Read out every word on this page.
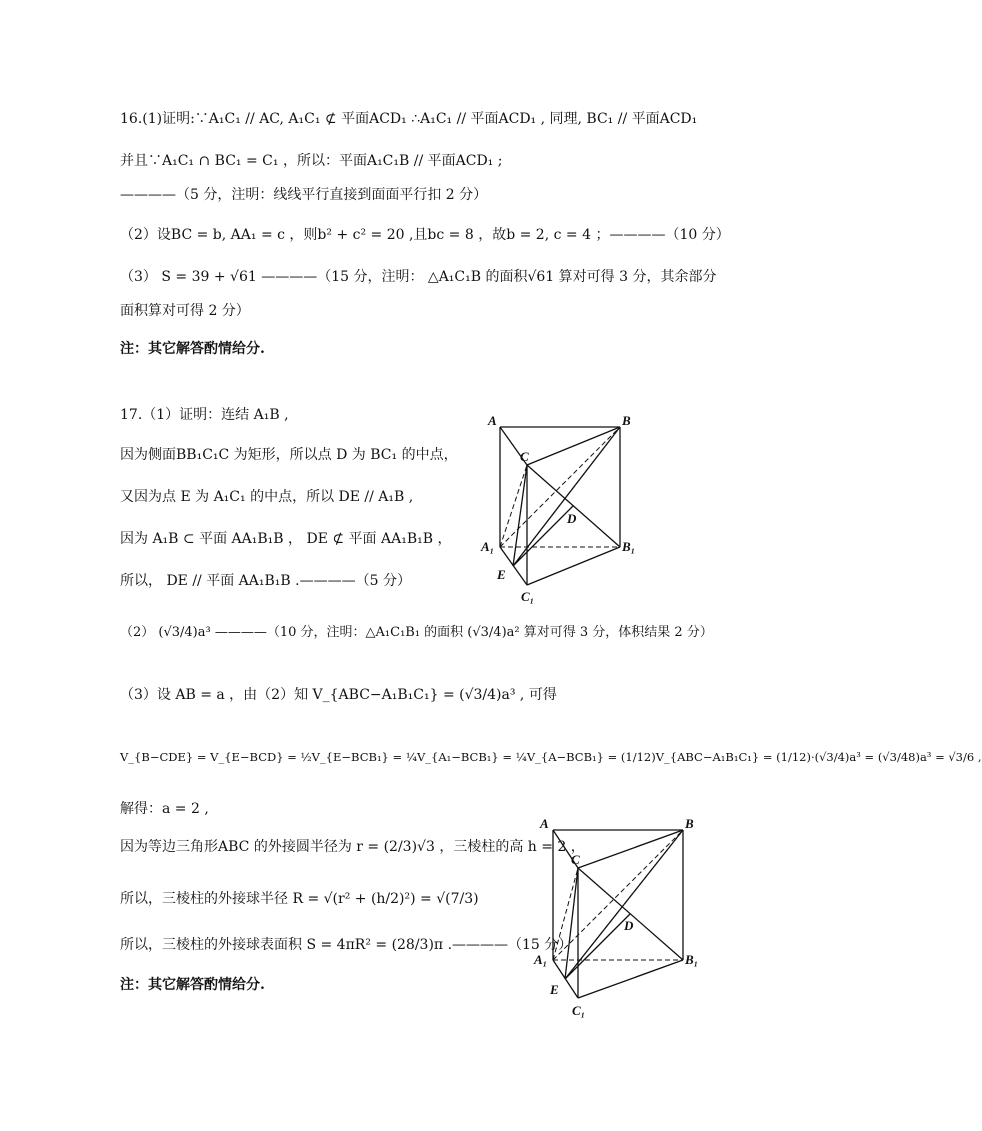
16.(1)证明:∵A₁C₁ // AC, A₁C₁ ⊄ 平面ACD₁ ∴A₁C₁ // 平面ACD₁ , 同理, BC₁ // 平面ACD₁
并且∵A₁C₁ ∩ BC₁ = C₁ ，所以：平面A₁C₁B // 平面ACD₁ ;
————（5 分，注明：线线平行直接到面面平行扣 2 分）
（2）设BC = b, AA₁ = c ，则b² + c² = 20 ,且bc = 8 ，故b = 2, c = 4 ；————（10 分）
（3） S = 39 + √61 ————（15 分，注明： △A₁C₁B 的面积√61 算对可得 3 分，其余部分
面积算对可得 2 分）
注：其它解答酌情给分.
17.（1）证明：连结 A₁B ,
因为侧面BB₁C₁C 为矩形，所以点 D 为 BC₁ 的中点，
又因为点 E 为 A₁C₁ 的中点，所以 DE // A₁B ,
因为 A₁B ⊂ 平面 AA₁B₁B ， DE ⊄ 平面 AA₁B₁B ，
所以， DE // 平面 AA₁B₁B .————（5 分）
（2） (√3/4)a³ ————（10 分，注明：△A₁C₁B₁ 的面积 (√3/4)a² 算对可得 3 分，体积结果 2 分）
（3）设 AB = a ，由（2）知 V_{ABC−A₁B₁C₁} = (√3/4)a³ , 可得
V_{B−CDE} = V_{E−BCD} = ½V_{E−BCB₁} = ¼V_{A₁−BCB₁} = ¼V_{A−BCB₁} = (1/12)V_{ABC−A₁B₁C₁} = (1/12)·(√3/4)a³ = (√3/48)a³ = √3/6 ,
解得：a = 2 ,
因为等边三角形ABC 的外接圆半径为 r = (2/3)√3 ，三棱柱的高 h = 2 ，
所以，三棱柱的外接球半径 R = √(r² + (h/2)²) = √(7/3)
所以，三棱柱的外接球表面积 S = 4πR² = (28/3)π .————（15 分）
注：其它解答酌情给分.
A	B
C
D
E
A₁	B₁
C₁
A	B
C
D
E
A₁	B₁
C₁
